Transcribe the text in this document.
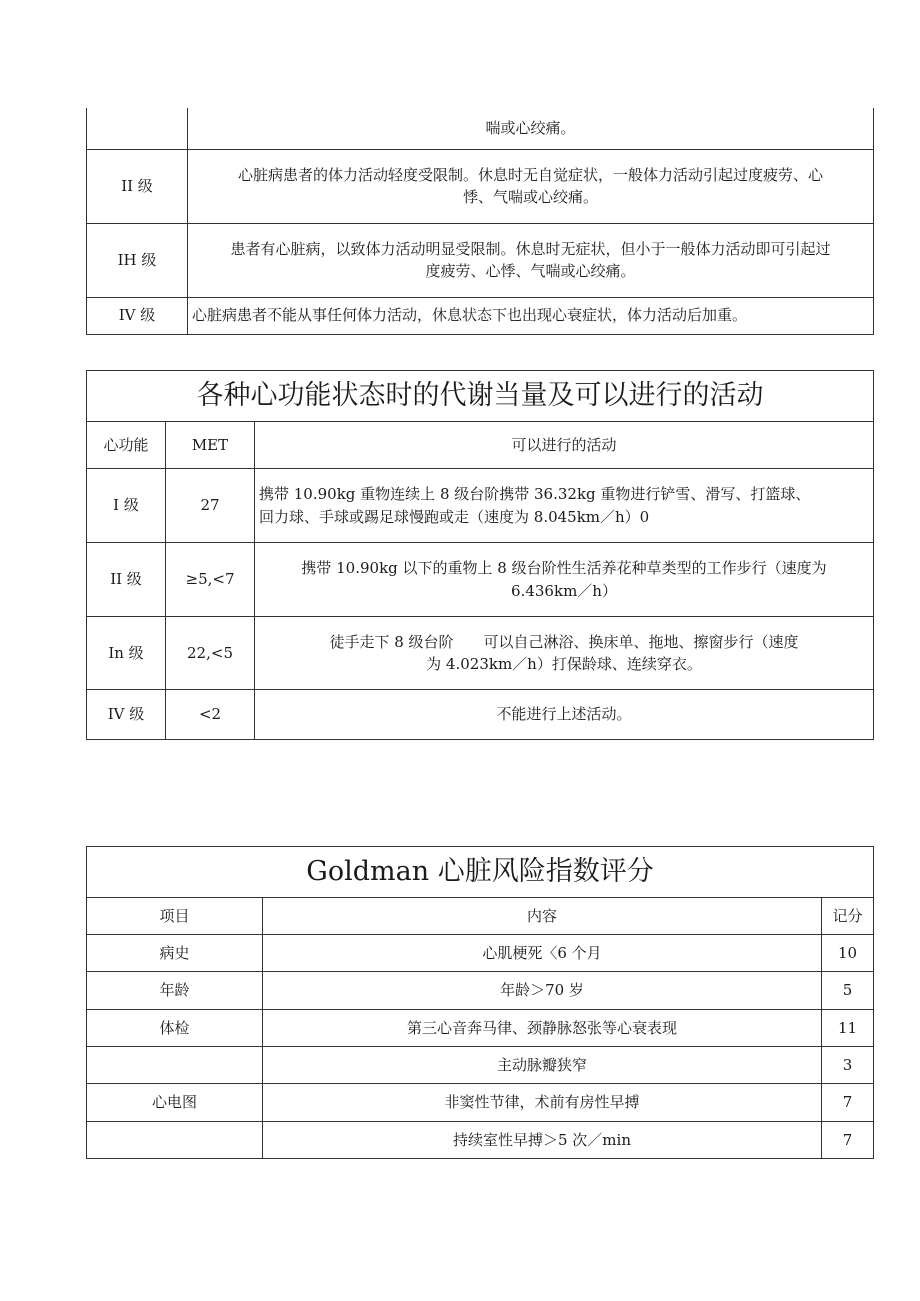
	喘或心绞痛。
II 级	心脏病患者的体力活动轻度受限制。休息时无自觉症状，一般体力活动引起过度疲劳、心
悸、气喘或心绞痛。
IH 级	患者有心脏病，以致体力活动明显受限制。休息时无症状，但小于一般体力活动即可引起过
度疲劳、心悸、气喘或心绞痛。
IV 级	心脏病患者不能从事任何体力活动，休息状态下也出现心衰症状，体力活动后加重。
各种心功能状态时的代谢当量及可以进行的活动		
心功能	MET	可以进行的活动
I 级	27	携带 10.90kg 重物连续上 8 级台阶携带 36.32kg 重物进行铲雪、滑写、打篮球、
回力球、手球或踢足球慢跑或走（速度为 8.045km／h）0
II 级	≥5,<7	携带 10.90kg 以下的重物上 8 级台阶性生活养花种草类型的工作步行（速度为
6.436km／h）
In 级	22,<5	徒手走下 8 级台阶　　可以自己淋浴、换床单、拖地、擦窗步行（速度
为 4.023km／h）打保龄球、连续穿衣。
IV 级	<2	不能进行上述活动。
Goldman 心脏风险指数评分		
项目	内容	记分
病史	心肌梗死〈6 个月	10
年龄	年龄＞70 岁	5
体检	第三心音奔马律、颈静脉怒张等心衰表现	11
	主动脉瓣狭窄	3
心电图	非窦性节律，术前有房性早搏	7
	持续室性早搏＞5 次／min	7
